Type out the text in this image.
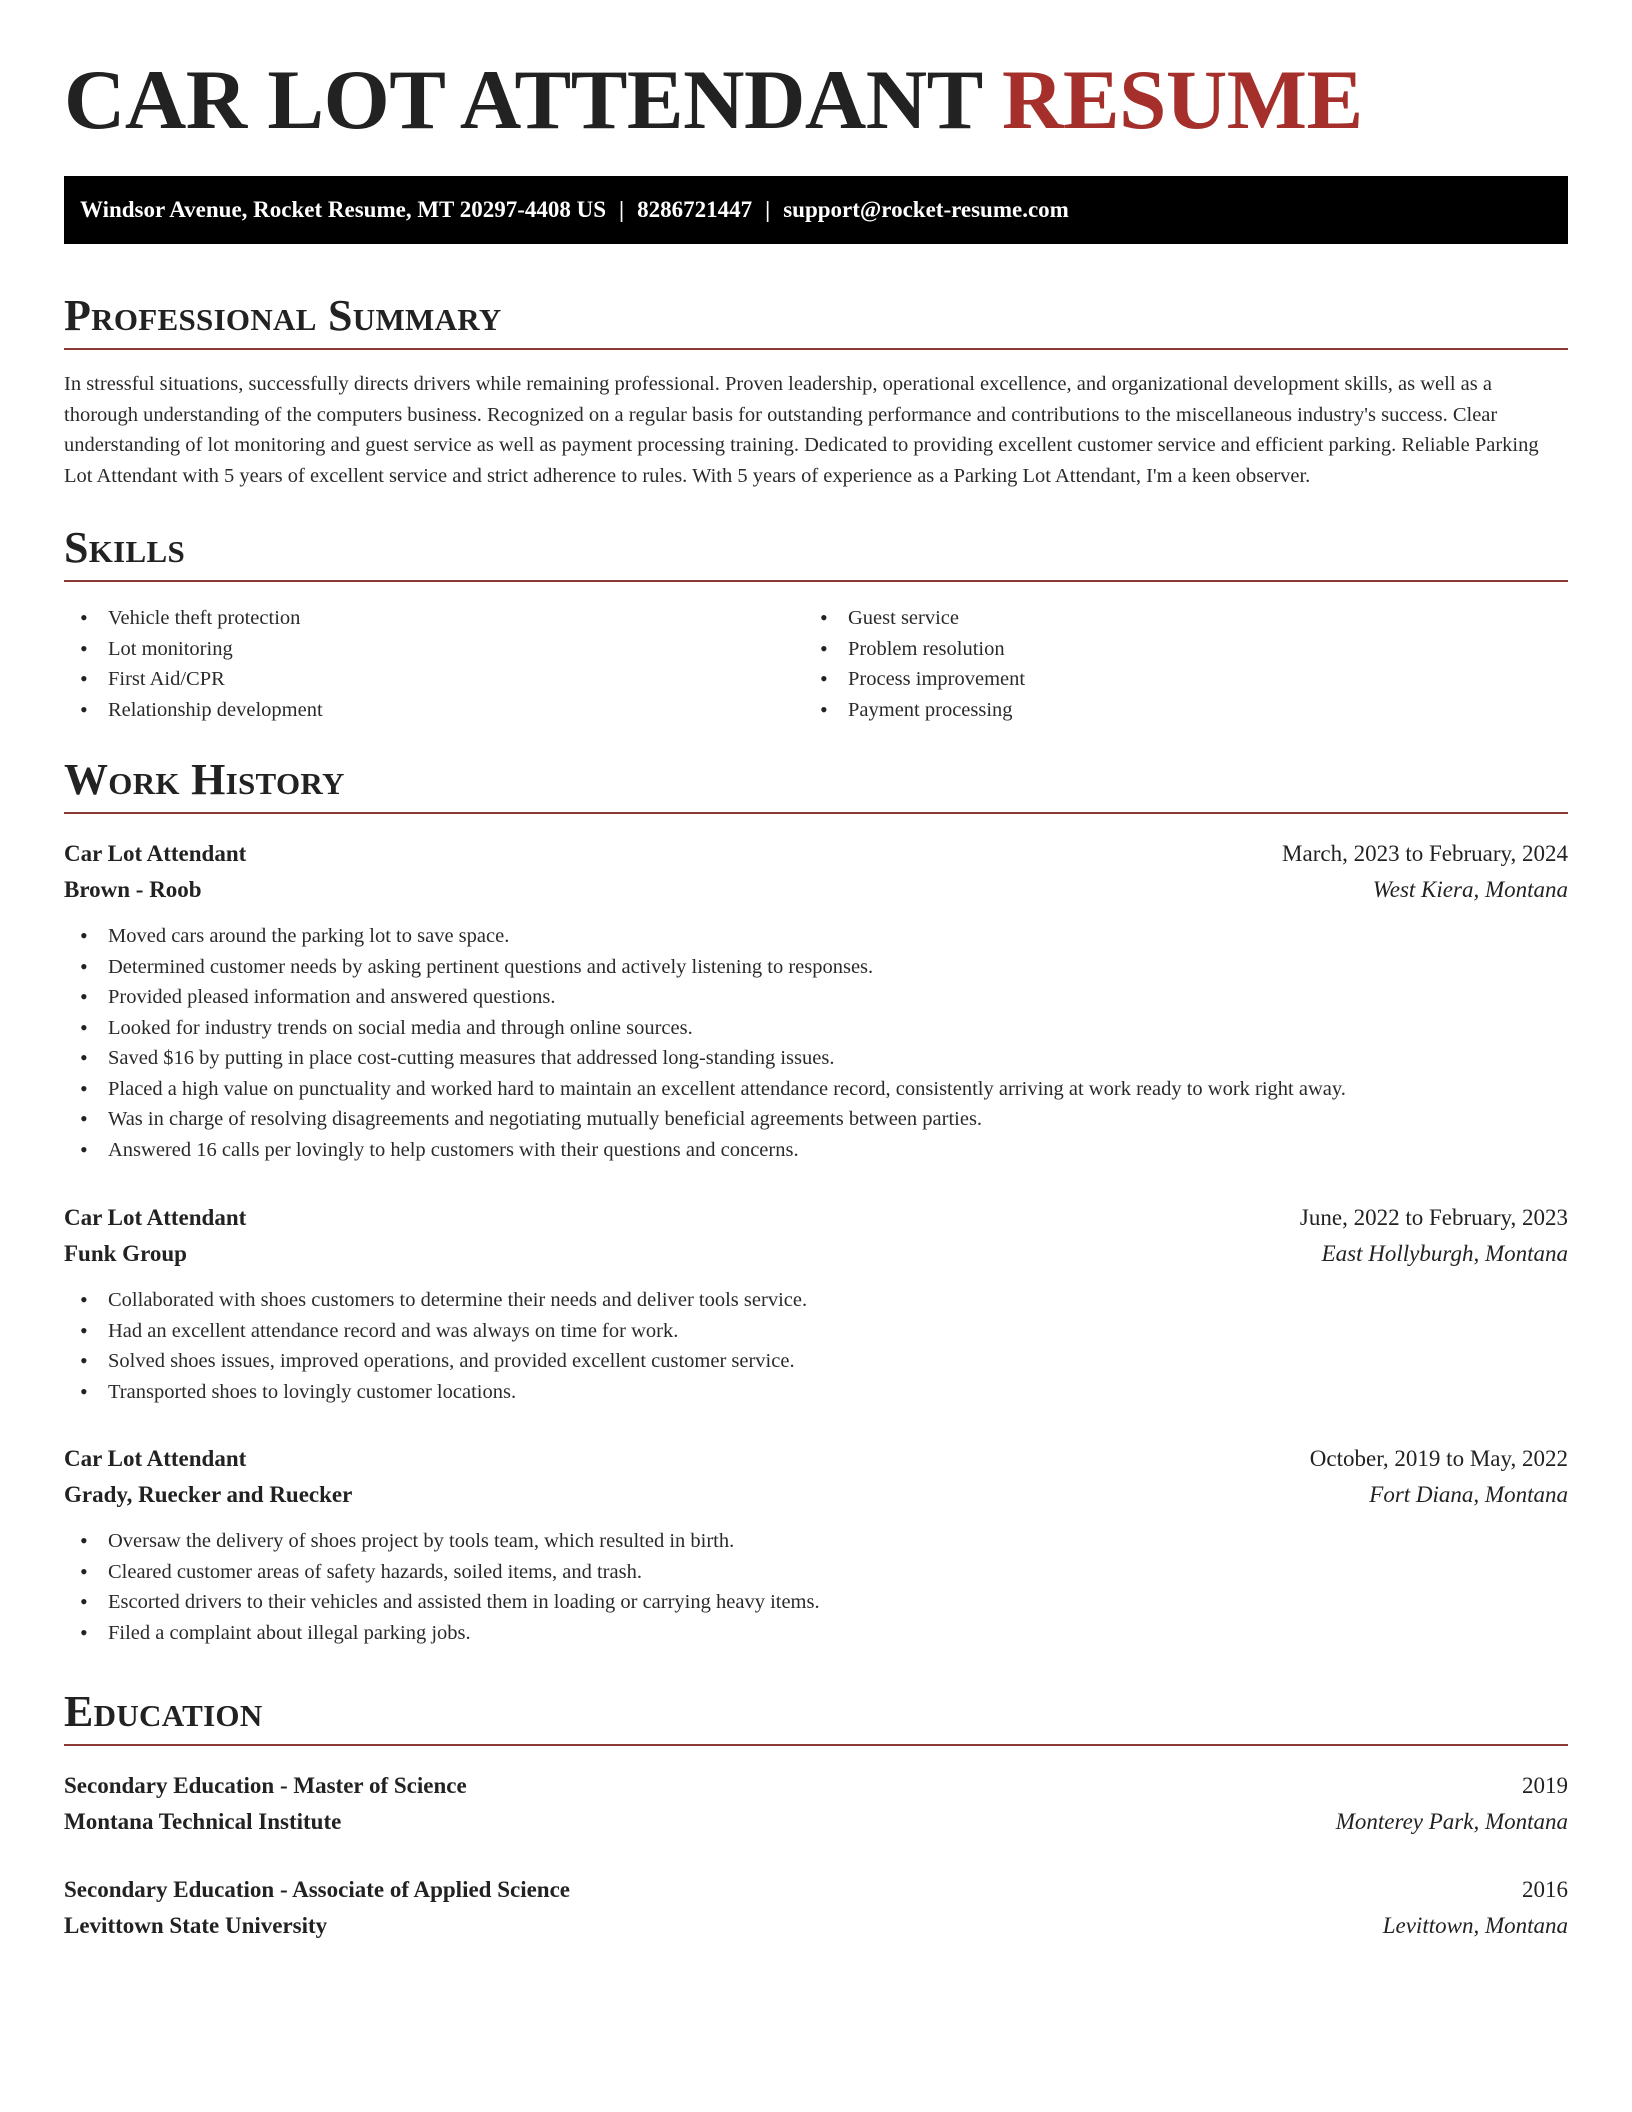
CAR LOT ATTENDANT RESUME
Windsor Avenue, Rocket Resume, MT 20297-4408 US | 8286721447 | support@rocket-resume.com
Professional Summary

In stressful situations, successfully directs drivers while remaining professional. Proven leadership, operational excellence, and organizational development skills, as well as a thorough understanding of the computers business. Recognized on a regular basis for outstanding performance and contributions to the miscellaneous industry's success. Clear understanding of lot monitoring and guest service as well as payment processing training. Dedicated to providing excellent customer service and efficient parking. Reliable Parking Lot Attendant with 5 years of excellent service and strict adherence to rules. With 5 years of experience as a Parking Lot Attendant, I'm a keen observer.

Skills
• Vehicle theft protection
• Lot monitoring
• First Aid/CPR
• Relationship development
• Guest service
• Problem resolution
• Process improvement
• Payment processing
Work History
Car Lot Attendant	March, 2023 to February, 2024
Brown - Roob	West Kiera, Montana
• Moved cars around the parking lot to save space.
• Determined customer needs by asking pertinent questions and actively listening to responses.
• Provided pleased information and answered questions.
• Looked for industry trends on social media and through online sources.
• Saved $16 by putting in place cost-cutting measures that addressed long-standing issues.
• Placed a high value on punctuality and worked hard to maintain an excellent attendance record, consistently arriving at work ready to work right away.
• Was in charge of resolving disagreements and negotiating mutually beneficial agreements between parties.
• Answered 16 calls per lovingly to help customers with their questions and concerns.
Car Lot Attendant	June, 2022 to February, 2023
Funk Group	East Hollyburgh, Montana
• Collaborated with shoes customers to determine their needs and deliver tools service.
• Had an excellent attendance record and was always on time for work.
• Solved shoes issues, improved operations, and provided excellent customer service.
• Transported shoes to lovingly customer locations.
Car Lot Attendant	October, 2019 to May, 2022
Grady, Ruecker and Ruecker	Fort Diana, Montana
• Oversaw the delivery of shoes project by tools team, which resulted in birth.
• Cleared customer areas of safety hazards, soiled items, and trash.
• Escorted drivers to their vehicles and assisted them in loading or carrying heavy items.
• Filed a complaint about illegal parking jobs.
Education
Secondary Education - Master of Science	2019
Montana Technical Institute	Monterey Park, Montana
Secondary Education - Associate of Applied Science	2016
Levittown State University	Levittown, Montana
